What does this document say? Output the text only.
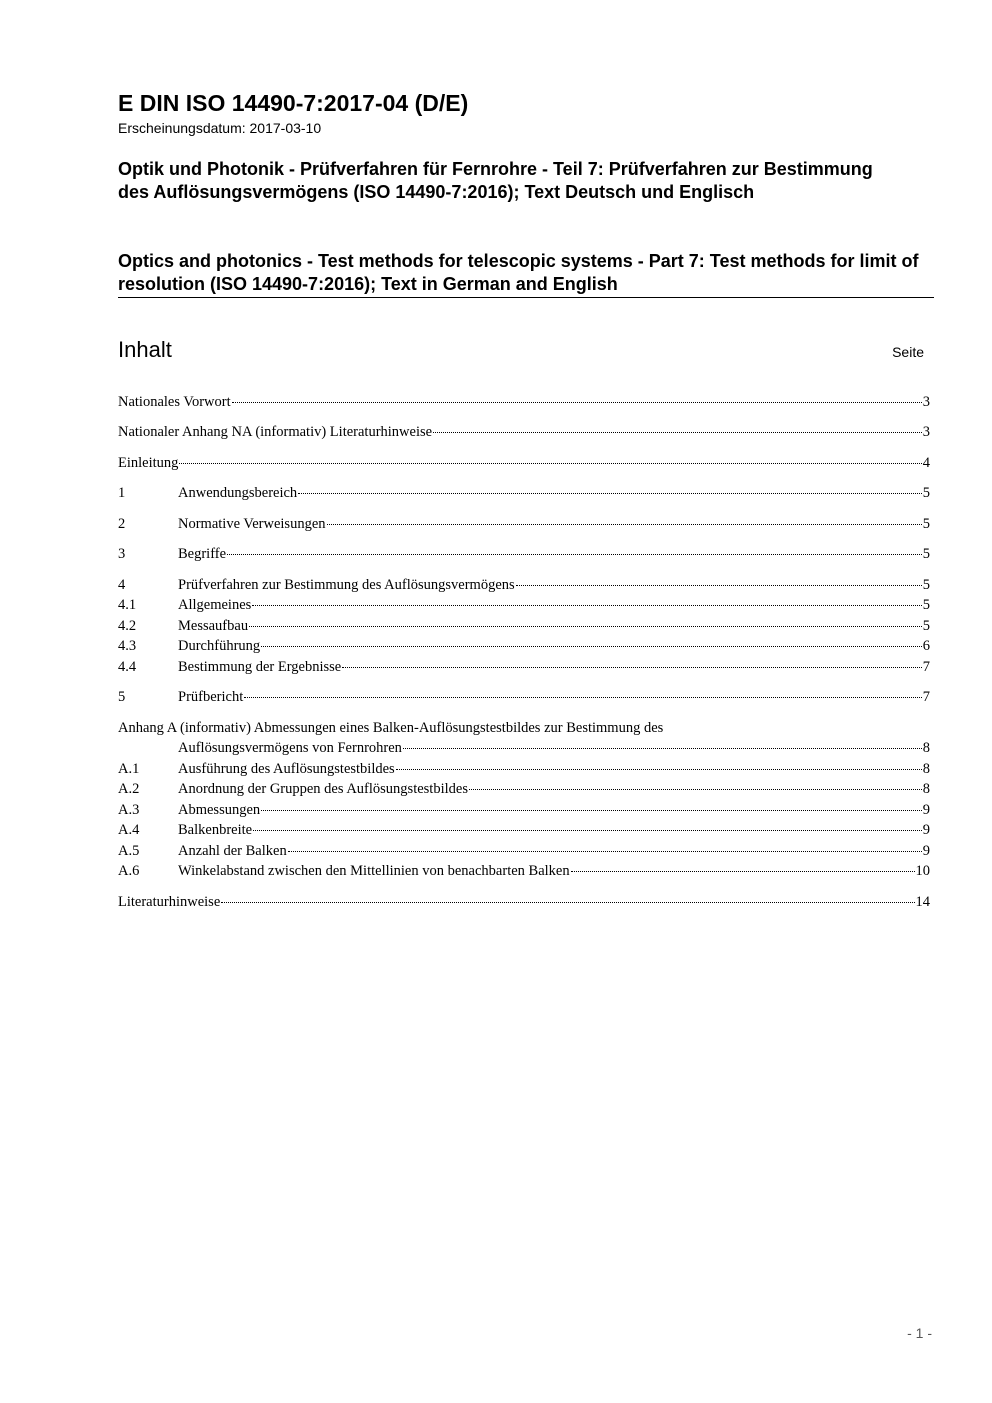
E DIN ISO 14490-7:2017-04 (D/E)
Erscheinungsdatum: 2017-03-10
Optik und Photonik - Prüfverfahren für Fernrohre - Teil 7: Prüfverfahren zur Bestimmung des Auflösungsvermögens (ISO 14490-7:2016); Text Deutsch und Englisch
Optics and photonics - Test methods for telescopic systems - Part 7: Test methods for limit of resolution (ISO 14490-7:2016); Text in German and English
Inhalt	Seite
Nationales Vorwort	3
Nationaler Anhang NA (informativ) Literaturhinweise	3
Einleitung	4
1	Anwendungsbereich	5
2	Normative Verweisungen	5
3	Begriffe	5
4	Prüfverfahren zur Bestimmung des Auflösungsvermögens	5
4.1	Allgemeines	5
4.2	Messaufbau	5
4.3	Durchführung	6
4.4	Bestimmung der Ergebnisse	7
5	Prüfbericht	7
Anhang A (informativ) Abmessungen eines Balken-Auflösungstestbildes zur Bestimmung des
Auflösungsvermögens von Fernrohren	8
A.1	Ausführung des Auflösungstestbildes	8
A.2	Anordnung der Gruppen des Auflösungstestbildes	8
A.3	Abmessungen	9
A.4	Balkenbreite	9
A.5	Anzahl der Balken	9
A.6	Winkelabstand zwischen den Mittellinien von benachbarten Balken	10
Literaturhinweise	14
- 1 -
